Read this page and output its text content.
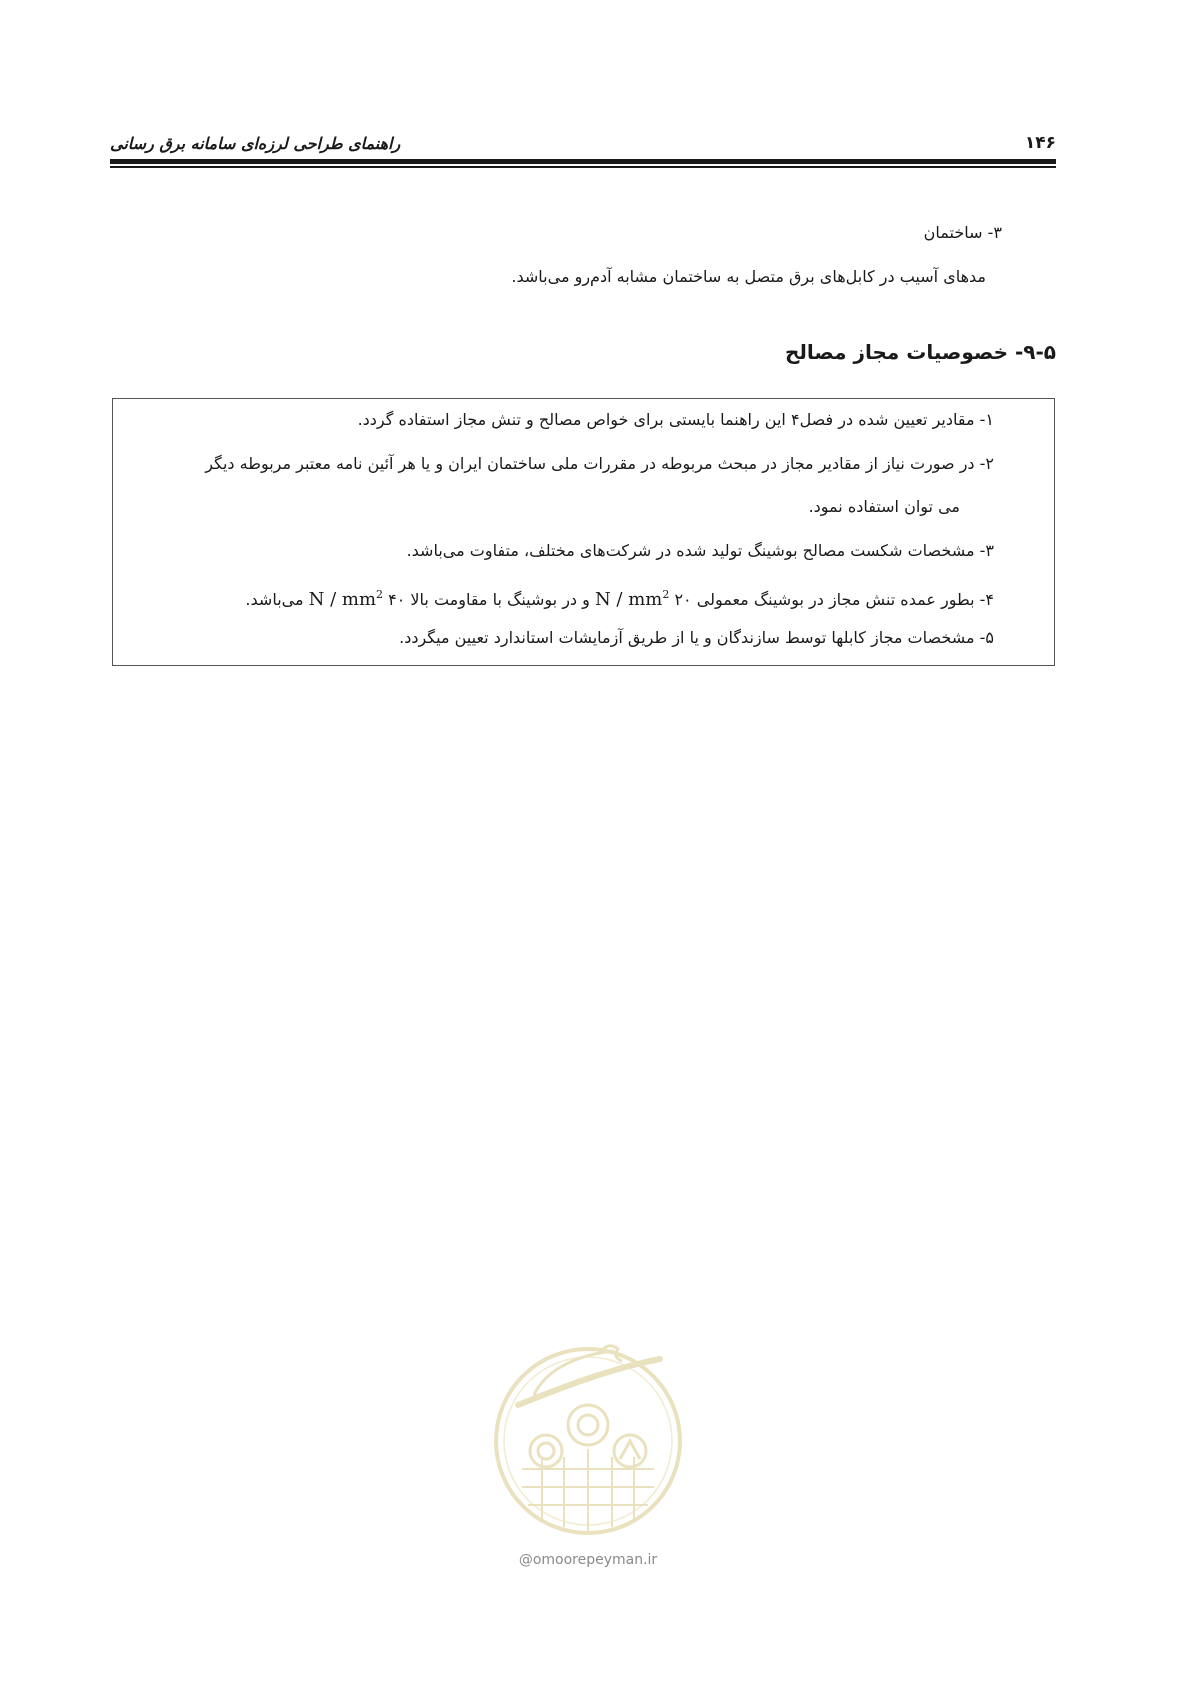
۱۴۶
راهنمای طراحی لرزه‌ای سامانه برق رسانی
۳- ساختمان
مدهای آسیب در کابل‌های برق متصل به ساختمان مشابه آدم‌رو می‌باشد.
۹-۵- خصوصیات مجاز مصالح
۱- مقادیر تعیین شده در فصل۴ این راهنما بایستی برای خواص مصالح و تنش مجاز استفاده گردد.
۲- در صورت نیاز از مقادیر مجاز در مبحث مربوطه در مقررات ملی ساختمان ایران و یا هر آئین نامه معتبر مربوطه دیگر
می توان استفاده نمود.
۳- مشخصات شکست مصالح بوشینگ تولید شده در شرکت‌های مختلف، متفاوت می‌باشد.
۴- بطور عمده تنش مجاز در بوشینگ معمولی ۲۰ N / $mm^2$ و در بوشینگ با مقاومت بالا ۴۰ N / $mm^2$ می‌باشد.
۵- مشخصات مجاز کابلها توسط سازندگان و یا از طریق آزمایشات استاندارد تعیین میگردد.
@omoorepeyman.ir
